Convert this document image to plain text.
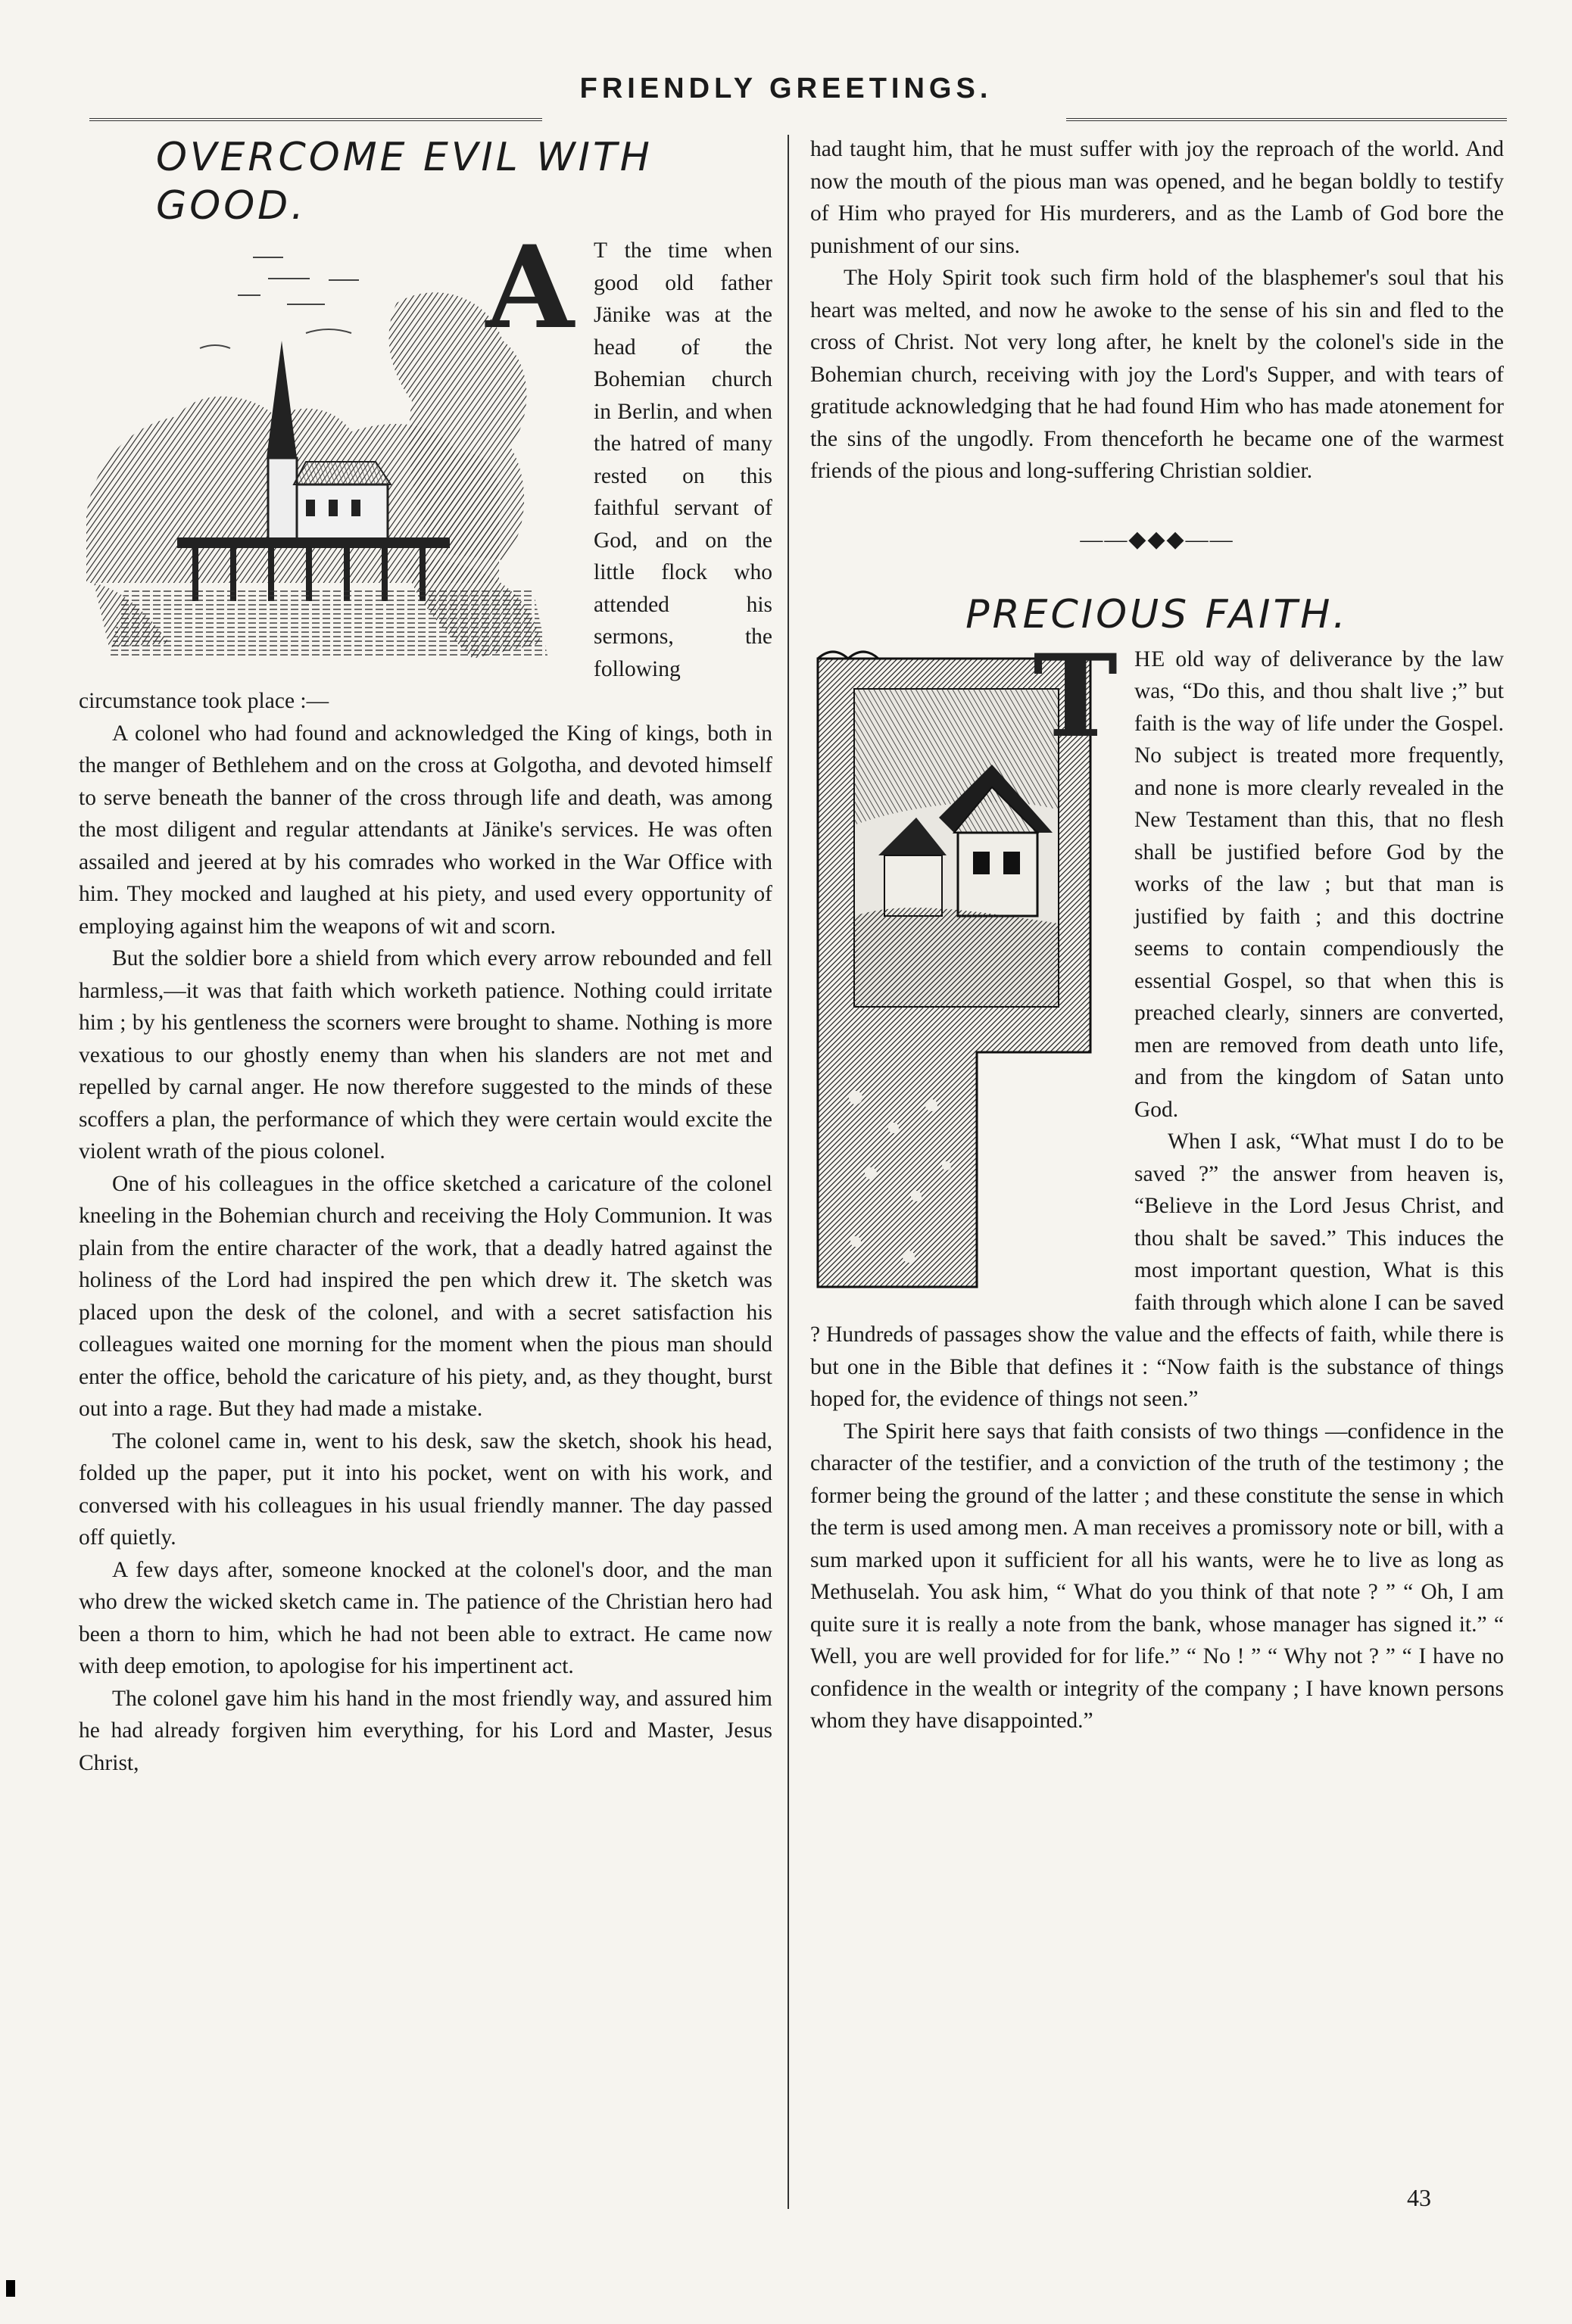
FRIENDLY GREETINGS.
OVERCOME EVIL WITH GOOD.
A T the time when good old father Jänike was at the head of the Bohemian church in Berlin, and when the hatred of many rested on this faithful servant of God, and on the little flock who attended his sermons, the following circumstance took place :—

A colonel who had found and acknowledged the King of kings, both in the manger of Bethlehem and on the cross at Golgotha, and devoted himself to serve beneath the banner of the cross through life and death, was among the most diligent and regular attendants at Jänike's services. He was often assailed and jeered at by his comrades who worked in the War Office with him. They mocked and laughed at his piety, and used every opportunity of employing against him the weapons of wit and scorn.

But the soldier bore a shield from which every arrow rebounded and fell harmless,—it was that faith which worketh patience. Nothing could irritate him ; by his gentleness the scorners were brought to shame. Nothing is more vexatious to our ghostly enemy than when his slanders are not met and repelled by carnal anger. He now therefore suggested to the minds of these scoffers a plan, the performance of which they were certain would excite the violent wrath of the pious colonel.

One of his colleagues in the office sketched a caricature of the colonel kneeling in the Bohemian church and receiving the Holy Communion. It was plain from the entire character of the work, that a deadly hatred against the holiness of the Lord had inspired the pen which drew it. The sketch was placed upon the desk of the colonel, and with a secret satisfaction his colleagues waited one morning for the moment when the pious man should enter the office, behold the caricature of his piety, and, as they thought, burst out into a rage. But they had made a mistake.

The colonel came in, went to his desk, saw the sketch, shook his head, folded up the paper, put it into his pocket, went on with his work, and conversed with his colleagues in his usual friendly manner. The day passed off quietly.

A few days after, someone knocked at the colonel's door, and the man who drew the wicked sketch came in. The patience of the Christian hero had been a thorn to him, which he had not been able to extract. He came now with deep emotion, to apologise for his impertinent act.

The colonel gave him his hand in the most friendly way, and assured him he had already forgiven him everything, for his Lord and Master, Jesus Christ,

had taught him, that he must suffer with joy the reproach of the world. And now the mouth of the pious man was opened, and he began boldly to testify of Him who prayed for His murderers, and as the Lamb of God bore the punishment of our sins.

The Holy Spirit took such firm hold of the blasphemer's soul that his heart was melted, and now he awoke to the sense of his sin and fled to the cross of Christ. Not very long after, he knelt by the colonel's side in the Bohemian church, receiving with joy the Lord's Supper, and with tears of gratitude acknowledging that he had found Him who has made atonement for the sins of the ungodly. From thenceforth he became one of the warmest friends of the pious and long-suffering Christian soldier.

——◆◆◆——
PRECIOUS FAITH.
T HE old way of deliverance by the law was, “Do this, and thou shalt live ;” but faith is the way of life under the Gospel. No subject is treated more frequently, and none is more clearly revealed in the New Testament than this, that no flesh shall be justified before God by the works of the law ; but that man is justified by faith ; and this doctrine seems to contain compendiously the essential Gospel, so that when this is preached clearly, sinners are converted, men are removed from death unto life, and from the kingdom of Satan unto God.

When I ask, “What must I do to be saved ?” the answer from heaven is, “Believe in the Lord Jesus Christ, and thou shalt be saved.” This induces the most important question, What is this faith through which alone I can be saved ? Hundreds of passages show the value and the effects of faith, while there is but one in the Bible that defines it : “Now faith is the substance of things hoped for, the evidence of things not seen.”

The Spirit here says that faith consists of two things —confidence in the character of the testifier, and a conviction of the truth of the testimony ; the former being the ground of the latter ; and these constitute the sense in which the term is used among men. A man receives a promissory note or bill, with a sum marked upon it sufficient for all his wants, were he to live as long as Methuselah. You ask him, “ What do you think of that note ? ” “ Oh, I am quite sure it is really a note from the bank, whose manager has signed it.” “ Well, you are well provided for for life.” “ No ! ” “ Why not ? ” “ I have no confidence in the wealth or integrity of the company ; I have known persons whom they have disappointed.”

43
